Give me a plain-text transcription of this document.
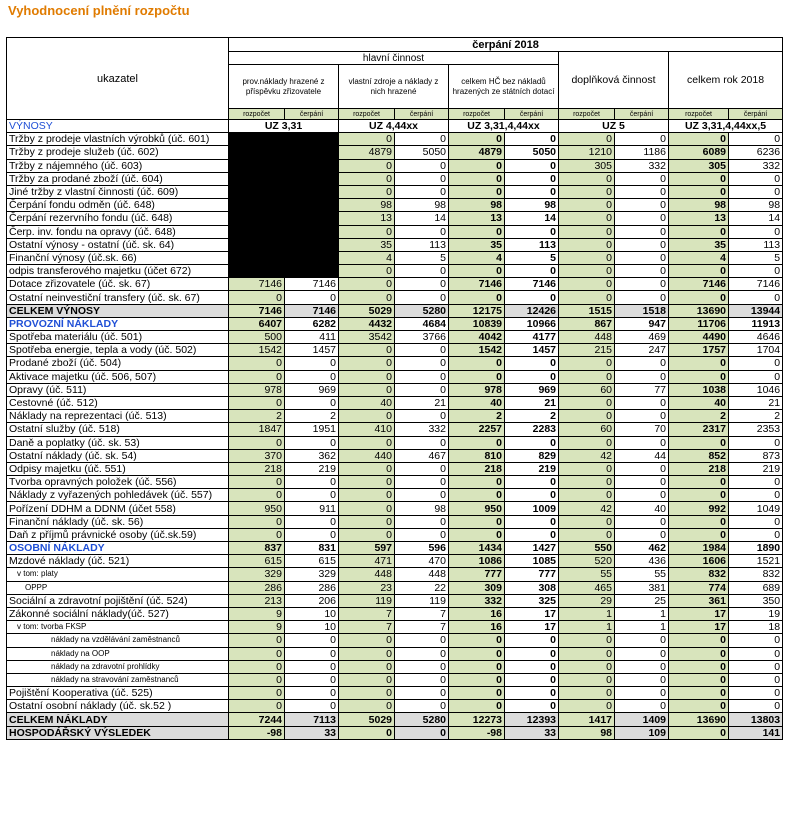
Vyhodnocení plnění rozpočtu
ukazatel	čerpání 2018									
	hlavní činnost						doplňková činnost		celkem rok 2018	
	prov.náklady hrazené z příspěvku zřizovatele		vlastní zdroje a náklady z nich hrazené		celkem HČ bez nákladů hrazených ze státních dotací					
	rozpočet	čerpání	rozpočet	čerpání	rozpočet	čerpání	rozpočet	čerpání	rozpočet	čerpání
VÝNOSY	UZ 3,31		UZ 4,44xx		UZ 3,31,4,44xx		UZ 5		UZ 3,31,4,44xx,5	
Tržby z prodeje vlastních výrobků (úč. 601)			0	0	0	0	0	0	0	0
Tržby z prodeje služeb (úč. 602)			4879	5050	4879	5050	1210	1186	6089	6236
Tržby z nájemného (úč. 603)			0	0	0	0	305	332	305	332
Tržby za prodané zboží (úč. 604)			0	0	0	0	0	0	0	0
Jiné tržby z vlastní činnosti (úč. 609)			0	0	0	0	0	0	0	0
Čerpání fondu odměn (úč. 648)			98	98	98	98	0	0	98	98
Čerpání rezervního fondu (úč. 648)			13	14	13	14	0	0	13	14
Čerp. inv. fondu na opravy (úč. 648)			0	0	0	0	0	0	0	0
Ostatní výnosy - ostatní (úč. sk. 64)			35	113	35	113	0	0	35	113
Finanční výnosy (úč.sk. 66)			4	5	4	5	0	0	4	5
odpis transferového majetku (účet 672)			0	0	0	0	0	0	0	0
Dotace zřizovatele (úč. sk. 67)	7146	7146	0	0	7146	7146	0	0	7146	7146
Ostatní neinvestiční transfery (úč. sk. 67)	0	0	0	0	0	0	0	0	0	0
CELKEM VÝNOSY	7146	7146	5029	5280	12175	12426	1515	1518	13690	13944
PROVOZNÍ NÁKLADY	6407	6282	4432	4684	10839	10966	867	947	11706	11913
Spotřeba materiálu (úč. 501)	500	411	3542	3766	4042	4177	448	469	4490	4646
Spotřeba energie, tepla a vody (úč. 502)	1542	1457	0	0	1542	1457	215	247	1757	1704
Prodané zboží (úč. 504)	0	0	0	0	0	0	0	0	0	0
Aktivace majetku (úč. 506, 507)	0	0	0	0	0	0	0	0	0	0
Opravy (úč. 511)	978	969	0	0	978	969	60	77	1038	1046
Cestovné (úč. 512)	0	0	40	21	40	21	0	0	40	21
Náklady na reprezentaci (úč. 513)	2	2	0	0	2	2	0	0	2	2
Ostatní služby (úč. 518)	1847	1951	410	332	2257	2283	60	70	2317	2353
Daně a poplatky (úč. sk. 53)	0	0	0	0	0	0	0	0	0	0
Ostatní náklady (úč. sk. 54)	370	362	440	467	810	829	42	44	852	873
Odpisy majetku (úč. 551)	218	219	0	0	218	219	0	0	218	219
Tvorba opravných položek (úč. 556)	0	0	0	0	0	0	0	0	0	0
Náklady z vyřazených pohledávek (úč. 557)	0	0	0	0	0	0	0	0	0	0
Pořízení DDHM a DDNM (účet 558)	950	911	0	98	950	1009	42	40	992	1049
Finanční náklady (úč. sk. 56)	0	0	0	0	0	0	0	0	0	0
Daň z příjmů právnické osoby (úč.sk.59)	0	0	0	0	0	0	0	0	0	0
OSOBNÍ NÁKLADY	837	831	597	596	1434	1427	550	462	1984	1890
Mzdové náklady (úč. 521)	615	615	471	470	1086	1085	520	436	1606	1521
v tom: platy	329	329	448	448	777	777	55	55	832	832
OPPP	286	286	23	22	309	308	465	381	774	689
Sociální a zdravotní pojištění (úč. 524)	213	206	119	119	332	325	29	25	361	350
Zákonné sociální náklady(úč. 527)	9	10	7	7	16	17	1	1	17	19
v tom: tvorba FKSP	9	10	7	7	16	17	1	1	17	18
náklady na vzdělávání zaměstnanců	0	0	0	0	0	0	0	0	0	0
náklady na OOP	0	0	0	0	0	0	0	0	0	0
náklady na zdravotní prohlídky	0	0	0	0	0	0	0	0	0	0
náklady na stravování zaměstnanců	0	0	0	0	0	0	0	0	0	0
Pojištění Kooperativa (úč. 525)	0	0	0	0	0	0	0	0	0	0
Ostatní osobní náklady (úč. sk.52 )	0	0	0	0	0	0	0	0	0	0
CELKEM NÁKLADY	7244	7113	5029	5280	12273	12393	1417	1409	13690	13803
HOSPODÁŘSKÝ VÝSLEDEK	-98	33	0	0	-98	33	98	109	0	141
